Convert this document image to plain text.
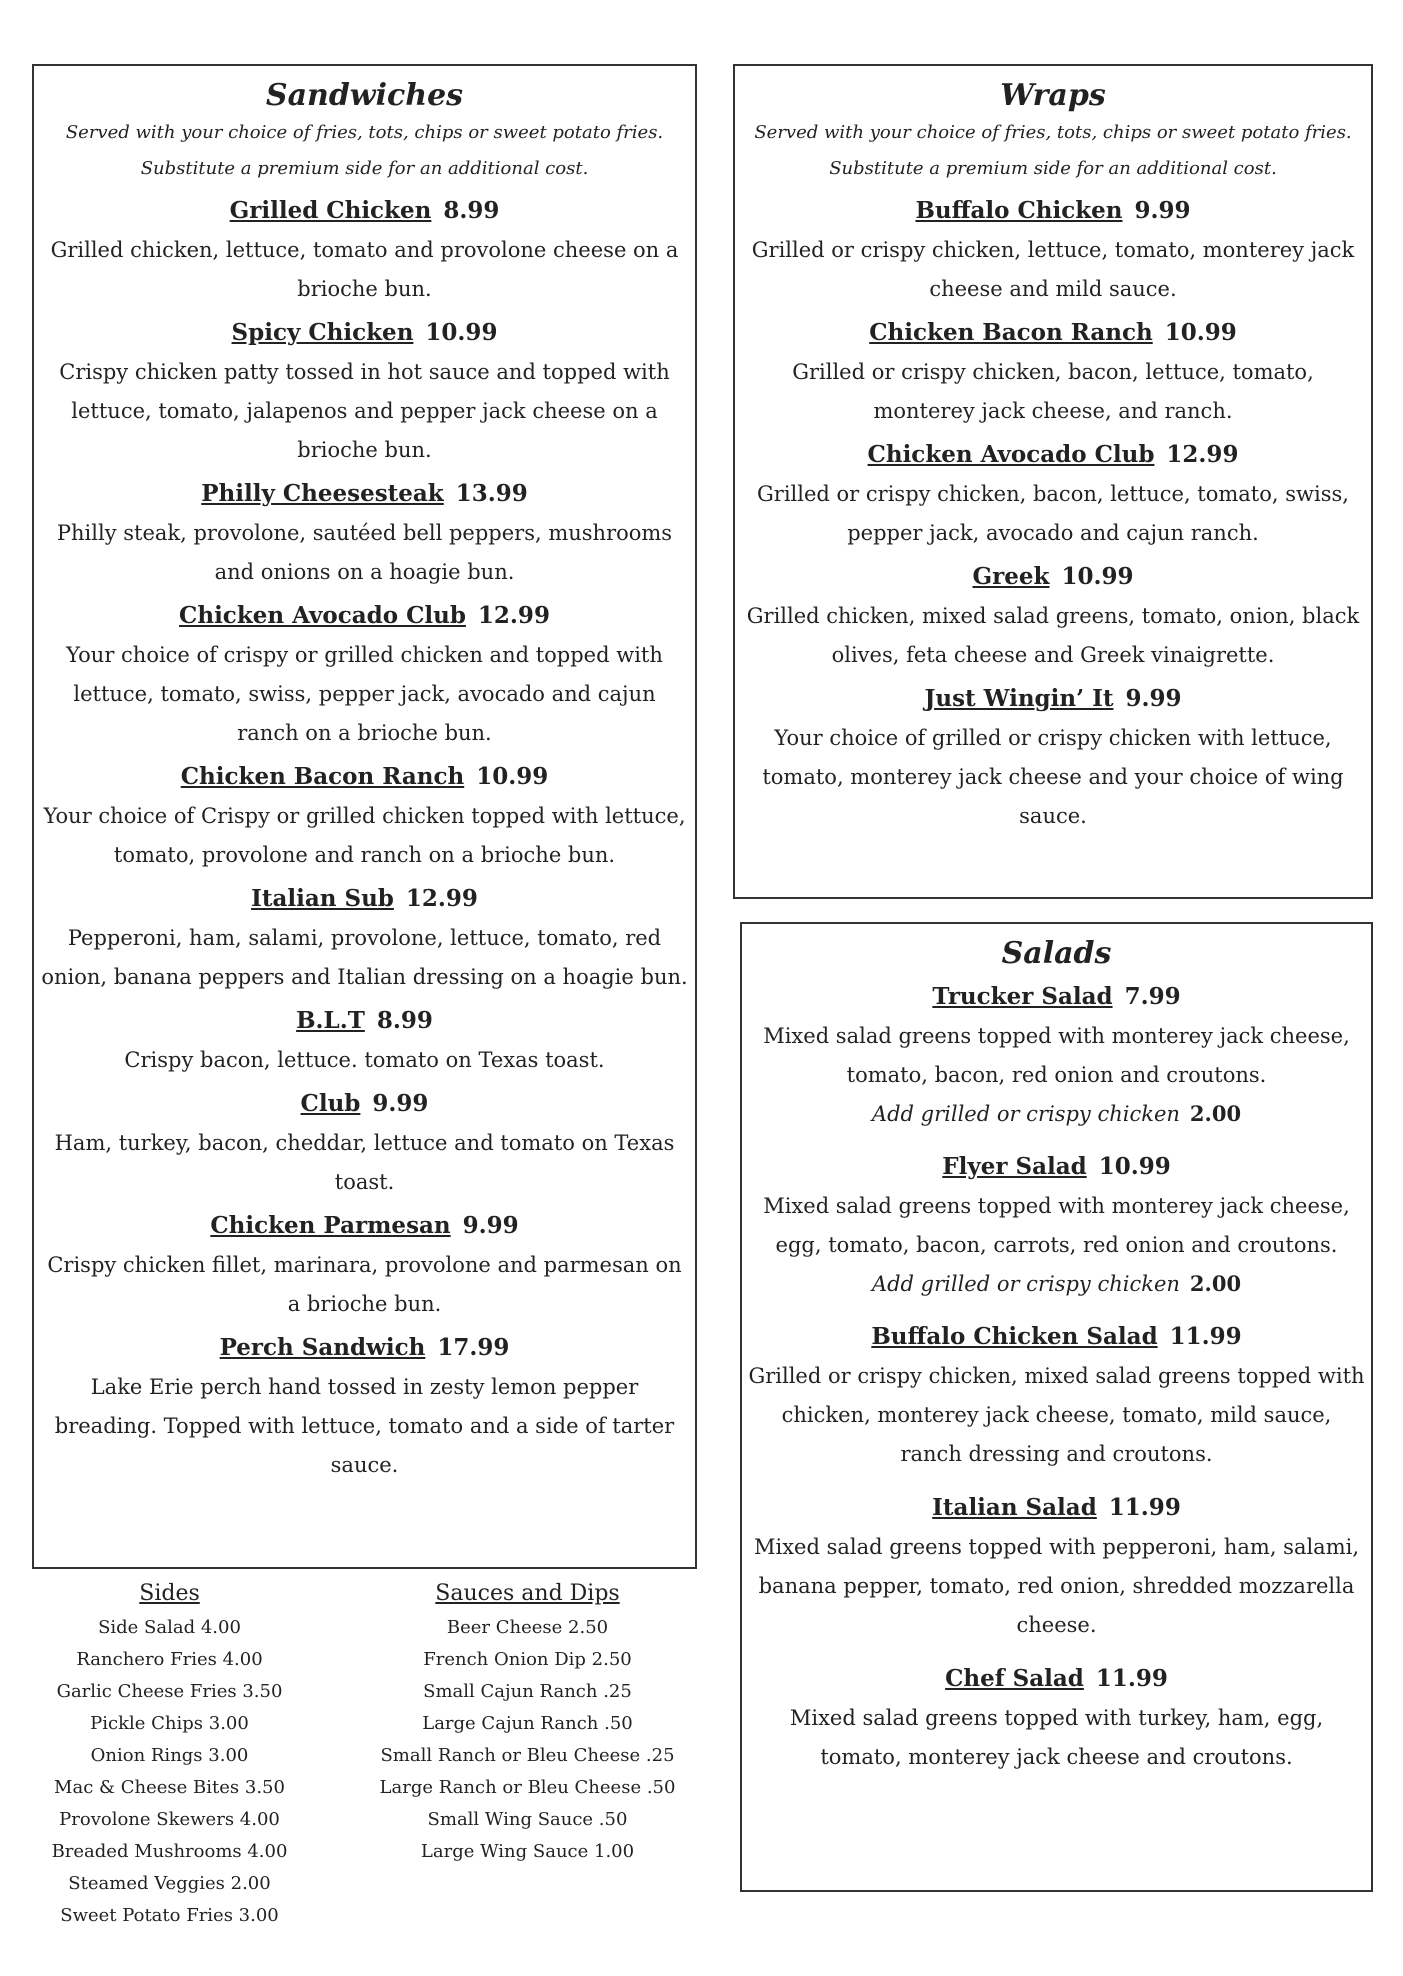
Sandwiches
Served with your choice of fries, tots, chips or sweet potato fries.
Substitute a premium side for an additional cost.
Grilled Chicken 8.99
Grilled chicken, lettuce, tomato and provolone cheese on a brioche bun.
Spicy Chicken 10.99
Crispy chicken patty tossed in hot sauce and topped with lettuce, tomato, jalapenos and pepper jack cheese on a brioche bun.
Philly Cheesesteak 13.99
Philly steak, provolone, sautéed bell peppers, mushrooms and onions on a hoagie bun.
Chicken Avocado Club 12.99
Your choice of crispy or grilled chicken and topped with lettuce, tomato, swiss, pepper jack, avocado and cajun ranch on a brioche bun.
Chicken Bacon Ranch 10.99
Your choice of Crispy or grilled chicken topped with lettuce, tomato, provolone and ranch on a brioche bun.
Italian Sub 12.99
Pepperoni, ham, salami, provolone, lettuce, tomato, red onion, banana peppers and Italian dressing on a hoagie bun.
B.L.T 8.99
Crispy bacon, lettuce. tomato on Texas toast.
Club 9.99
Ham, turkey, bacon, cheddar, lettuce and tomato on Texas toast.
Chicken Parmesan 9.99
Crispy chicken fillet, marinara, provolone and parmesan on a brioche bun.
Perch Sandwich 17.99
Lake Erie perch hand tossed in zesty lemon pepper breading. Topped with lettuce, tomato and a side of tarter sauce.
Wraps
Served with your choice of fries, tots, chips or sweet potato fries.
Substitute a premium side for an additional cost.
Buffalo Chicken 9.99
Grilled or crispy chicken, lettuce, tomato, monterey jack cheese and mild sauce.
Chicken Bacon Ranch 10.99
Grilled or crispy chicken, bacon, lettuce, tomato, monterey jack cheese, and ranch.
Chicken Avocado Club 12.99
Grilled or crispy chicken, bacon, lettuce, tomato, swiss, pepper jack, avocado and cajun ranch.
Greek 10.99
Grilled chicken, mixed salad greens, tomato, onion, black olives, feta cheese and Greek vinaigrette.
Just Wingin’ It 9.99
Your choice of grilled or crispy chicken with lettuce, tomato, monterey jack cheese and your choice of wing sauce.
Salads
Trucker Salad 7.99
Mixed salad greens topped with monterey jack cheese, tomato, bacon, red onion and croutons.
Add grilled or crispy chicken 2.00
Flyer Salad 10.99
Mixed salad greens topped with monterey jack cheese, egg, tomato, bacon, carrots, red onion and croutons.
Add grilled or crispy chicken 2.00
Buffalo Chicken Salad 11.99
Grilled or crispy chicken, mixed salad greens topped with chicken, monterey jack cheese, tomato, mild sauce, ranch dressing and croutons.
Italian Salad 11.99
Mixed salad greens topped with pepperoni, ham, salami, banana pepper, tomato, red onion, shredded mozzarella cheese.
Chef Salad 11.99
Mixed salad greens topped with turkey, ham, egg, tomato, monterey jack cheese and croutons.
Sides
Side Salad 4.00
Ranchero Fries 4.00
Garlic Cheese Fries 3.50
Pickle Chips 3.00
Onion Rings 3.00
Mac & Cheese Bites 3.50
Provolone Skewers 4.00
Breaded Mushrooms 4.00
Steamed Veggies 2.00
Sweet Potato Fries 3.00
Sauces and Dips
Beer Cheese 2.50
French Onion Dip 2.50
Small Cajun Ranch .25
Large Cajun Ranch .50
Small Ranch or Bleu Cheese .25
Large Ranch or Bleu Cheese .50
Small Wing Sauce .50
Large Wing Sauce 1.00
